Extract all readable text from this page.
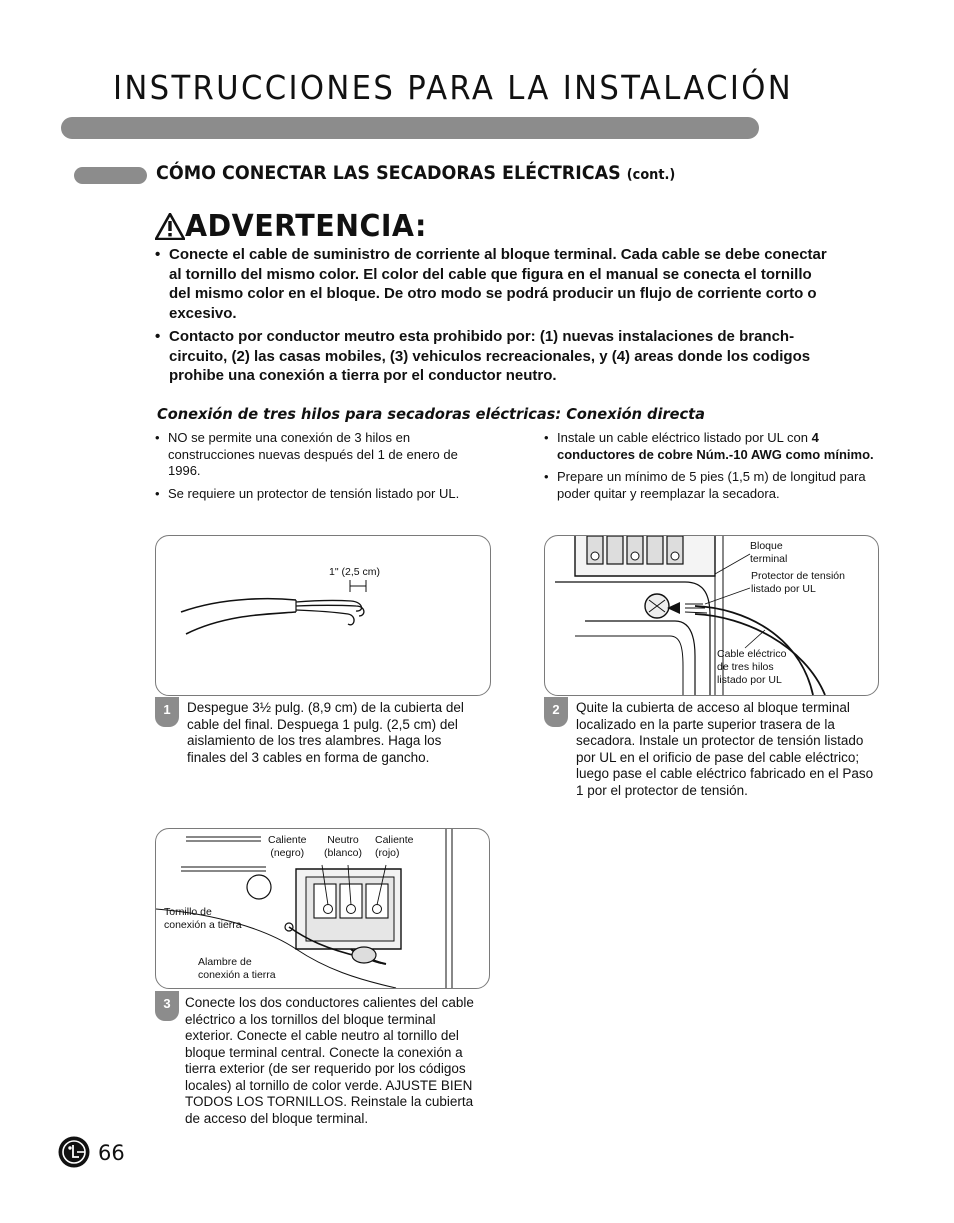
INSTRUCCIONES PARA LA INSTALACIÓN
CÓMO CONECTAR LAS SECADORAS ELÉCTRICAS (cont.)
ADVERTENCIA:
• Conecte el cable de suministro de corriente al bloque terminal. Cada cable se debe conectar al tornillo del mismo color. El color del cable que figura en el manual se conecta el tornillo del mismo color en el bloque. De otro modo se podrá producir un flujo de corriente corto o excesivo.
• Contacto por conductor meutro esta prohibido por: (1) nuevas instalaciones de branch-circuito, (2) las casas mobiles, (3) vehiculos recreacionales, y (4) areas donde los codigos prohibe una conexión a tierra por el conductor neutro.
Conexión de tres hilos para secadoras eléctricas: Conexión directa
• NO se permite una conexión de 3 hilos en construcciones nuevas después del 1 de enero de 1996.
• Se requiere un protector de tensión listado por UL.
• Instale un cable eléctrico listado por UL con 4 conductores de cobre Núm.-10 AWG como mínimo.
• Prepare un mínimo de 5 pies (1,5 m) de longitud para poder quitar y reemplazar la secadora.
1" (2,5 cm)
1	Despegue 3½ pulg. (8,9 cm) de la cubierta del cable del final. Despuega 1 pulg. (2,5 cm) del aislamiento de los tres alambres. Haga los finales del 3 cables en forma de gancho.
Bloque
terminal
Protector de tensión
listado por UL
Cable eléctrico
de tres hilos
listado por UL
2	Quite la cubierta de acceso al bloque terminal localizado en la parte superior trasera de la secadora. Instale un protector de tensión listado por UL en el orificio de pase del cable eléctrico; luego pase el cable eléctrico fabricado en el Paso 1 por el protector de tensión.
Caliente
(negro)
Neutro
(blanco)
Caliente
(rojo)
Tornillo de
conexión a tierra
Alambre de
conexión a tierra
3	Conecte los dos conductores calientes del cable eléctrico a los tornillos del bloque terminal exterior. Conecte el cable neutro al tornillo del bloque terminal central. Conecte la conexión a tierra exterior (de ser requerido por los códigos locales) al tornillo de color verde. AJUSTE BIEN TODOS LOS TORNILLOS. Reinstale la cubierta de acceso del bloque terminal.
66
